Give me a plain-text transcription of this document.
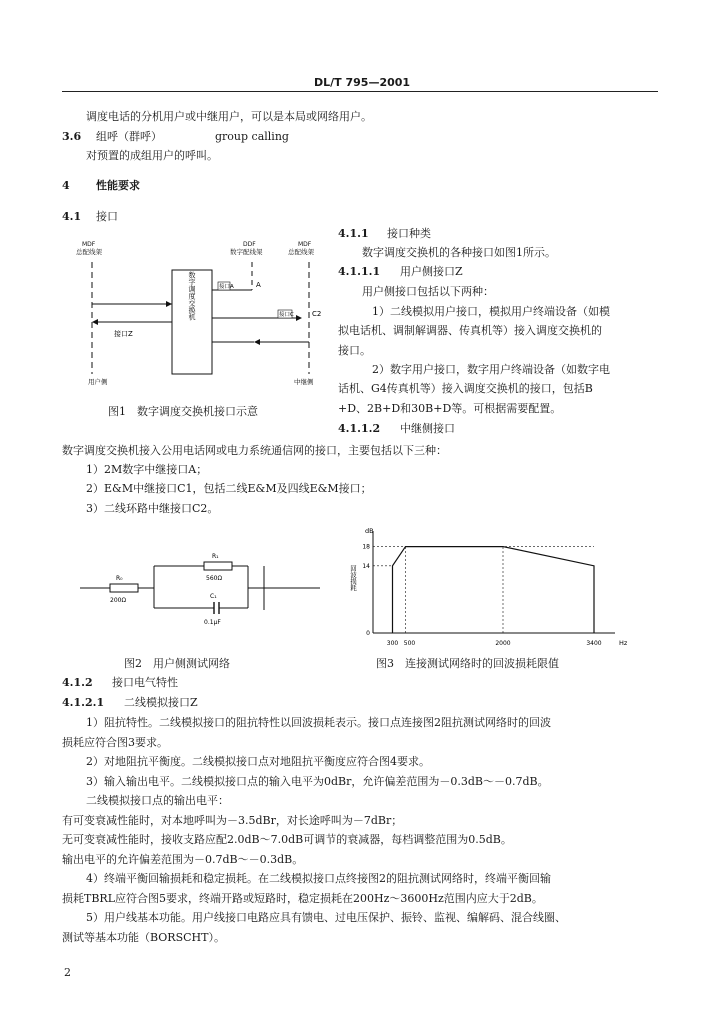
DL/T 795—2001
调度电话的分机用户或中继用户，可以是本局或网络用户。
3.6 组呼（群呼）	group calling
对预置的成组用户的呼叫。
4 性能要求
4.1 接口
4.1.1 接口种类
数字调度交换机的各种接口如图1所示。
4.1.1.1 用户侧接口Z
用户侧接口包括以下两种：
1）二线模拟用户接口，模拟用户终端设备（如模
拟电话机、调制解调器、传真机等）接入调度交换机的
接口。
2）数字用户接口，数字用户终端设备（如数字电
话机、G4传真机等）接入调度交换机的接口，包括B
+D、2B+D和30B+D等。可根据需要配置。
4.1.1.2 中继侧接口
MDF
总配线架
DDF
数字配线架
MDF
总配线架
数字调度交换机	接口A	A
接口C	C2
接口Z
用户侧	中继侧
图1　数字调度交换机接口示意
数字调度交换机接入公用电话网或电力系统通信网的接口，主要包括以下三种：
1）2M数字中继接口A；
2）E&M中继接口C1，包括二线E&M及四线E&M接口；
3）二线环路中继接口C2。
R₀
200Ω
R₁
560Ω
C₁
0.1μF
图2　用户侧测试网络
dB
Hz
回波损耗
18
14
0
300 500	2000	3400
图3　连接测试网络时的回波损耗限值
4.1.2 接口电气特性
4.1.2.1 二线模拟接口Z
1）阻抗特性。二线模拟接口的阻抗特性以回波损耗表示。接口点连接图2阻抗测试网络时的回波
损耗应符合图3要求。
2）对地阻抗平衡度。二线模拟接口点对地阻抗平衡度应符合图4要求。
3）输入输出电平。二线模拟接口点的输入电平为0dBr，允许偏差范围为－0.3dB～－0.7dB。
二线模拟接口点的输出电平：
有可变衰减性能时，对本地呼叫为－3.5dBr，对长途呼叫为－7dBr；
无可变衰减性能时，接收支路应配2.0dB～7.0dB可调节的衰减器，每档调整范围为0.5dB。
输出电平的允许偏差范围为－0.7dB～－0.3dB。
4）终端平衡回输损耗和稳定损耗。在二线模拟接口点终接图2的阻抗测试网络时，终端平衡回输
损耗TBRL应符合图5要求，终端开路或短路时，稳定损耗在200Hz～3600Hz范围内应大于2dB。
5）用户线基本功能。用户线接口电路应具有馈电、过电压保护、振铃、监视、编解码、混合线圈、
测试等基本功能（BORSCHT）。
2
